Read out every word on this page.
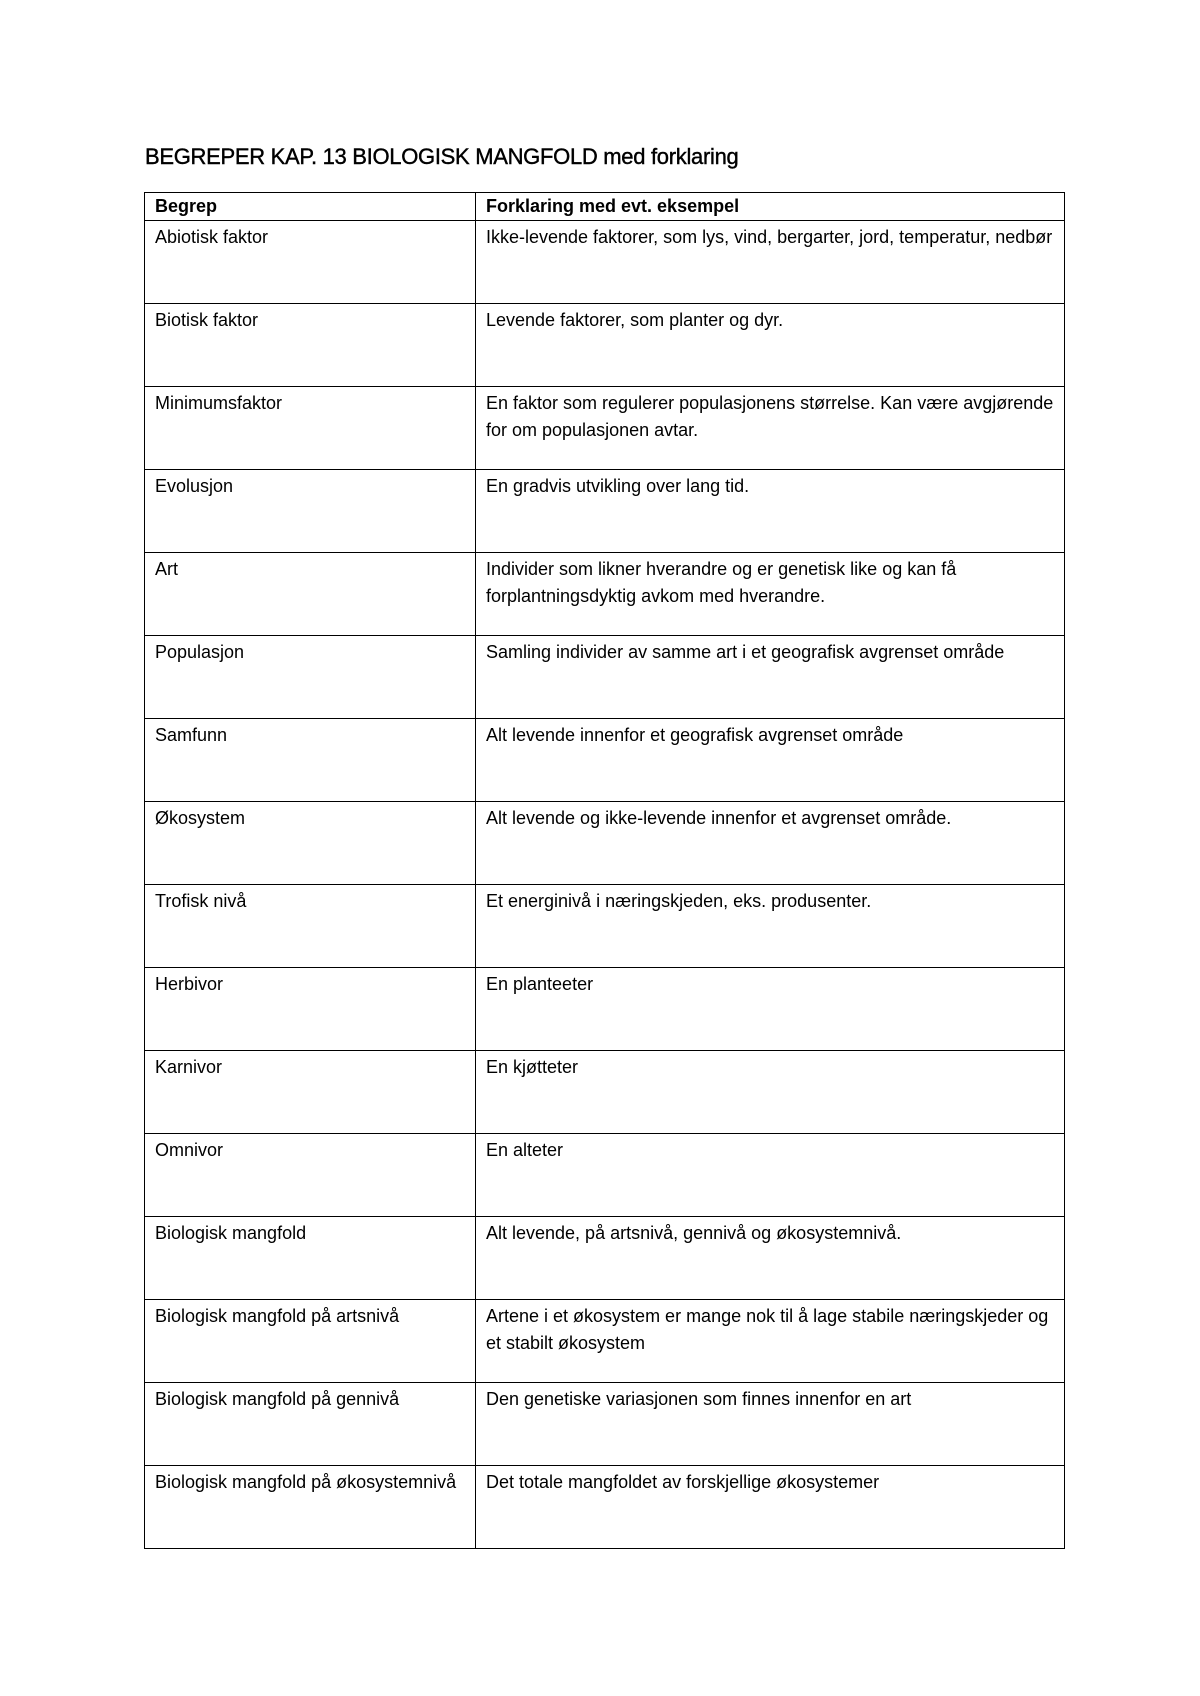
BEGREPER KAP. 13 BIOLOGISK MANGFOLD med forklaring
Begrep	Forklaring med evt. eksempel
Abiotisk faktor	Ikke-levende faktorer, som lys, vind, bergarter, jord, temperatur, nedbør
Biotisk faktor	Levende faktorer, som planter og dyr.
Minimumsfaktor	En faktor som regulerer populasjonens størrelse. Kan være avgjørende for om populasjonen avtar.
Evolusjon	En gradvis utvikling over lang tid.
Art	Individer som likner hverandre og er genetisk like og kan få forplantningsdyktig avkom med hverandre.
Populasjon	Samling individer av samme art i et geografisk avgrenset område
Samfunn	Alt levende innenfor et geografisk avgrenset område
Økosystem	Alt levende og ikke-levende innenfor et avgrenset område.
Trofisk nivå	Et energinivå i næringskjeden, eks. produsenter.
Herbivor	En planteeter
Karnivor	En kjøtteter
Omnivor	En alteter
Biologisk mangfold	Alt levende, på artsnivå, gennivå og økosystemnivå.
Biologisk mangfold på artsnivå	Artene i et økosystem er mange nok til å lage stabile næringskjeder og et stabilt økosystem
Biologisk mangfold på gennivå	Den genetiske variasjonen som finnes innenfor en art
Biologisk mangfold på økosystemnivå	Det totale mangfoldet av forskjellige økosystemer
